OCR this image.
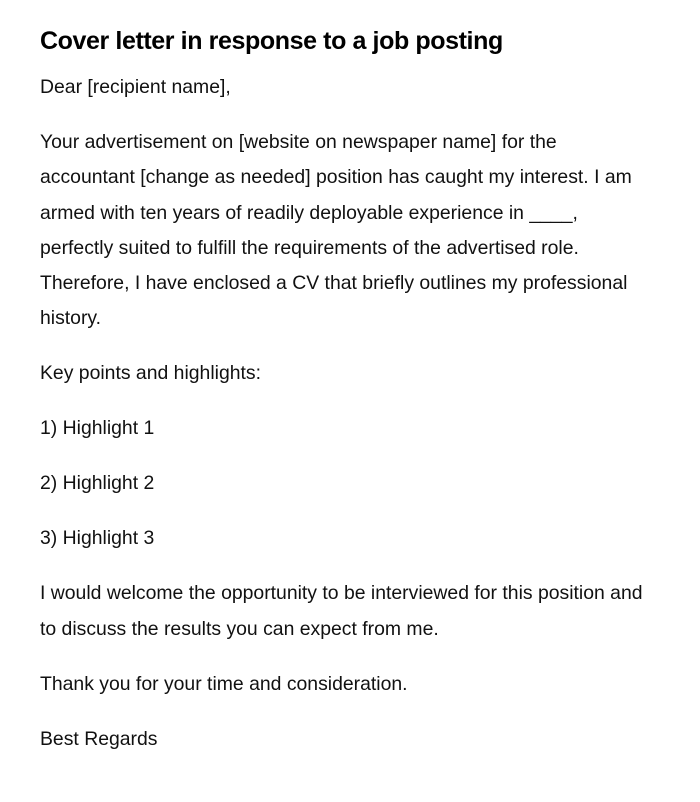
Cover letter in response to a job posting

Dear [recipient name],

Your advertisement on [website on newspaper name] for the accountant [change as needed] position has caught my interest. I am armed with ten years of readily deployable experience in ____, perfectly suited to fulfill the requirements of the advertised role. Therefore, I have enclosed a CV that briefly outlines my professional history.

Key points and highlights:

1) Highlight 1

2) Highlight 2

3) Highlight 3

I would welcome the opportunity to be interviewed for this position and to discuss the results you can expect from me.

Thank you for your time and consideration.

Best Regards
